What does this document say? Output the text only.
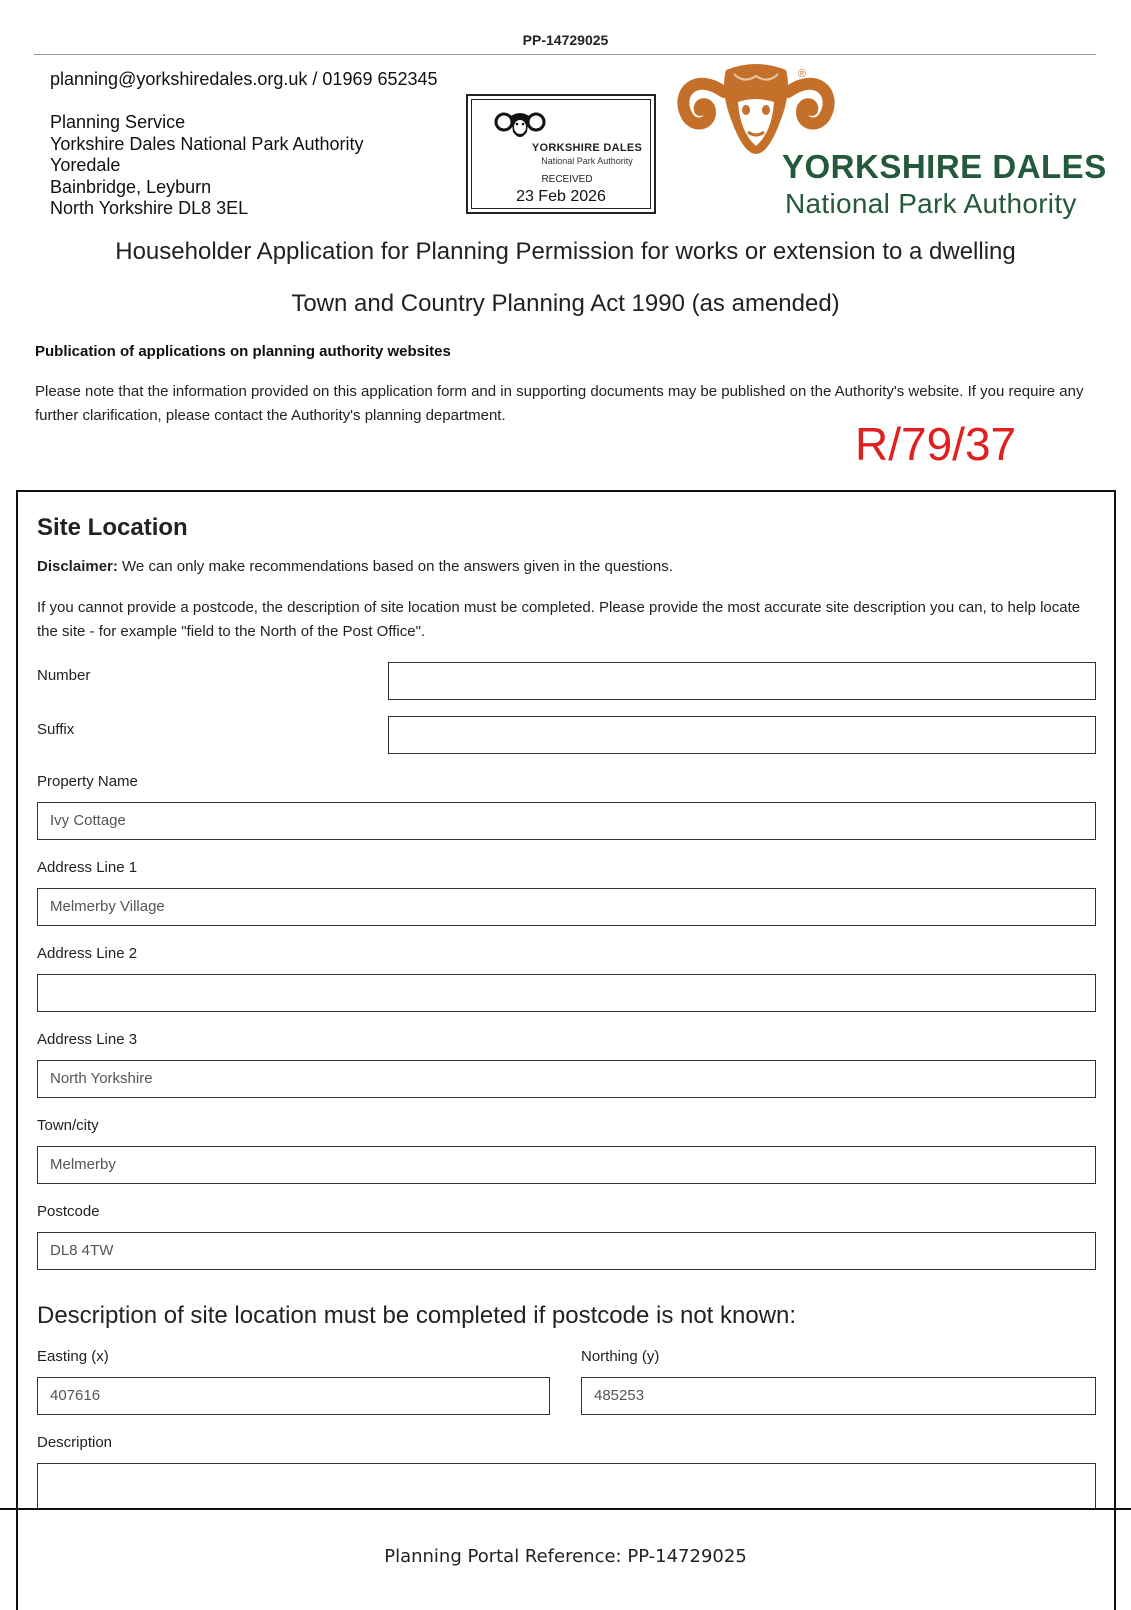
PP-14729025
planning@yorkshiredales.org.uk / 01969 652345
Planning Service
Yorkshire Dales National Park Authority
Yoredale
Bainbridge, Leyburn
North Yorkshire DL8 3EL
YORKSHIRE DALES
National Park Authority
RECEIVED
23 Feb 2026
®
YORKSHIRE DALES
National Park Authority
Householder Application for Planning Permission for works or extension to a dwelling
Town and Country Planning Act 1990 (as amended)
Publication of applications on planning authority websites
Please note that the information provided on this application form and in supporting documents may be published on the Authority's website. If you require any further clarification, please contact the Authority's planning department.
R/79/37
Site Location
Disclaimer: We can only make recommendations based on the answers given in the questions.
If you cannot provide a postcode, the description of site location must be completed. Please provide the most accurate site description you can, to help locate the site - for example "field to the North of the Post Office".
Number
Suffix
Property Name
Ivy Cottage
Address Line 1
Melmerby Village
Address Line 2
Address Line 3
North Yorkshire
Town/city
Melmerby
Postcode
DL8 4TW
Description of site location must be completed if postcode is not known:
Easting (x)
407616
Northing (y)
485253
Description
Planning Portal Reference: PP-14729025
